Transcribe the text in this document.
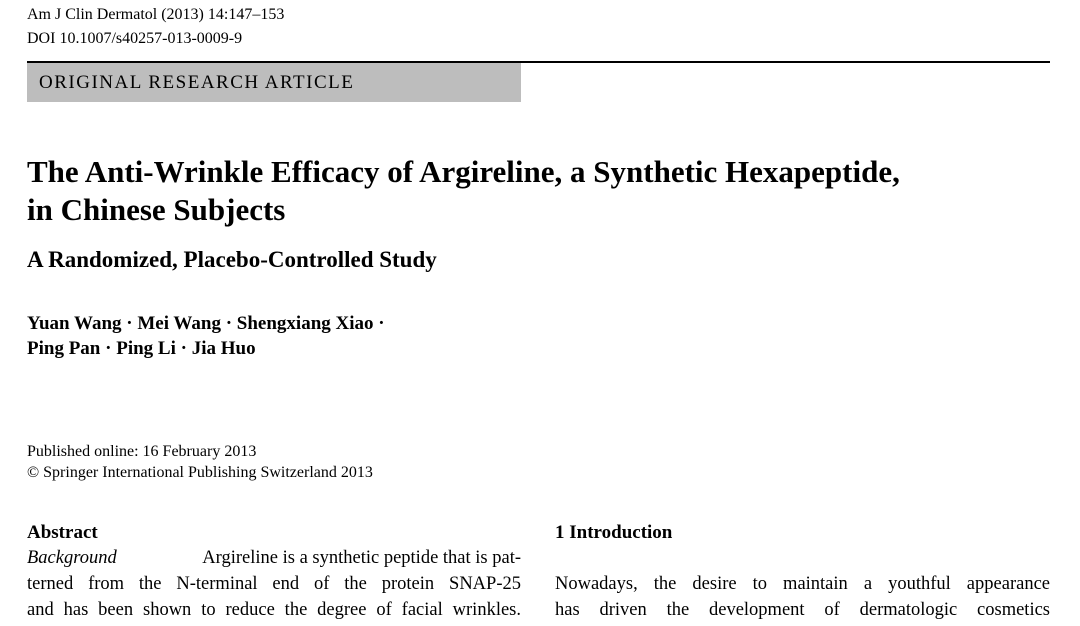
Am J Clin Dermatol (2013) 14:147–153
DOI 10.1007/s40257-013-0009-9
ORIGINAL RESEARCH ARTICLE
The Anti-Wrinkle Efficacy of Argireline, a Synthetic Hexapeptide,
in Chinese Subjects
A Randomized, Placebo-Controlled Study
Yuan Wang · Mei Wang · Shengxiang Xiao ·
Ping Pan · Ping Li · Jia Huo
Published online: 16 February 2013
© Springer International Publishing Switzerland 2013
Abstract	1 Introduction
Background	Argireline is a synthetic peptide that is pat-
terned from the N-terminal end of the protein SNAP-25
and has been shown to reduce the degree of facial wrinkles.
Nowadays, the desire to maintain a youthful appearance
has driven the development of dermatologic cosmetics
